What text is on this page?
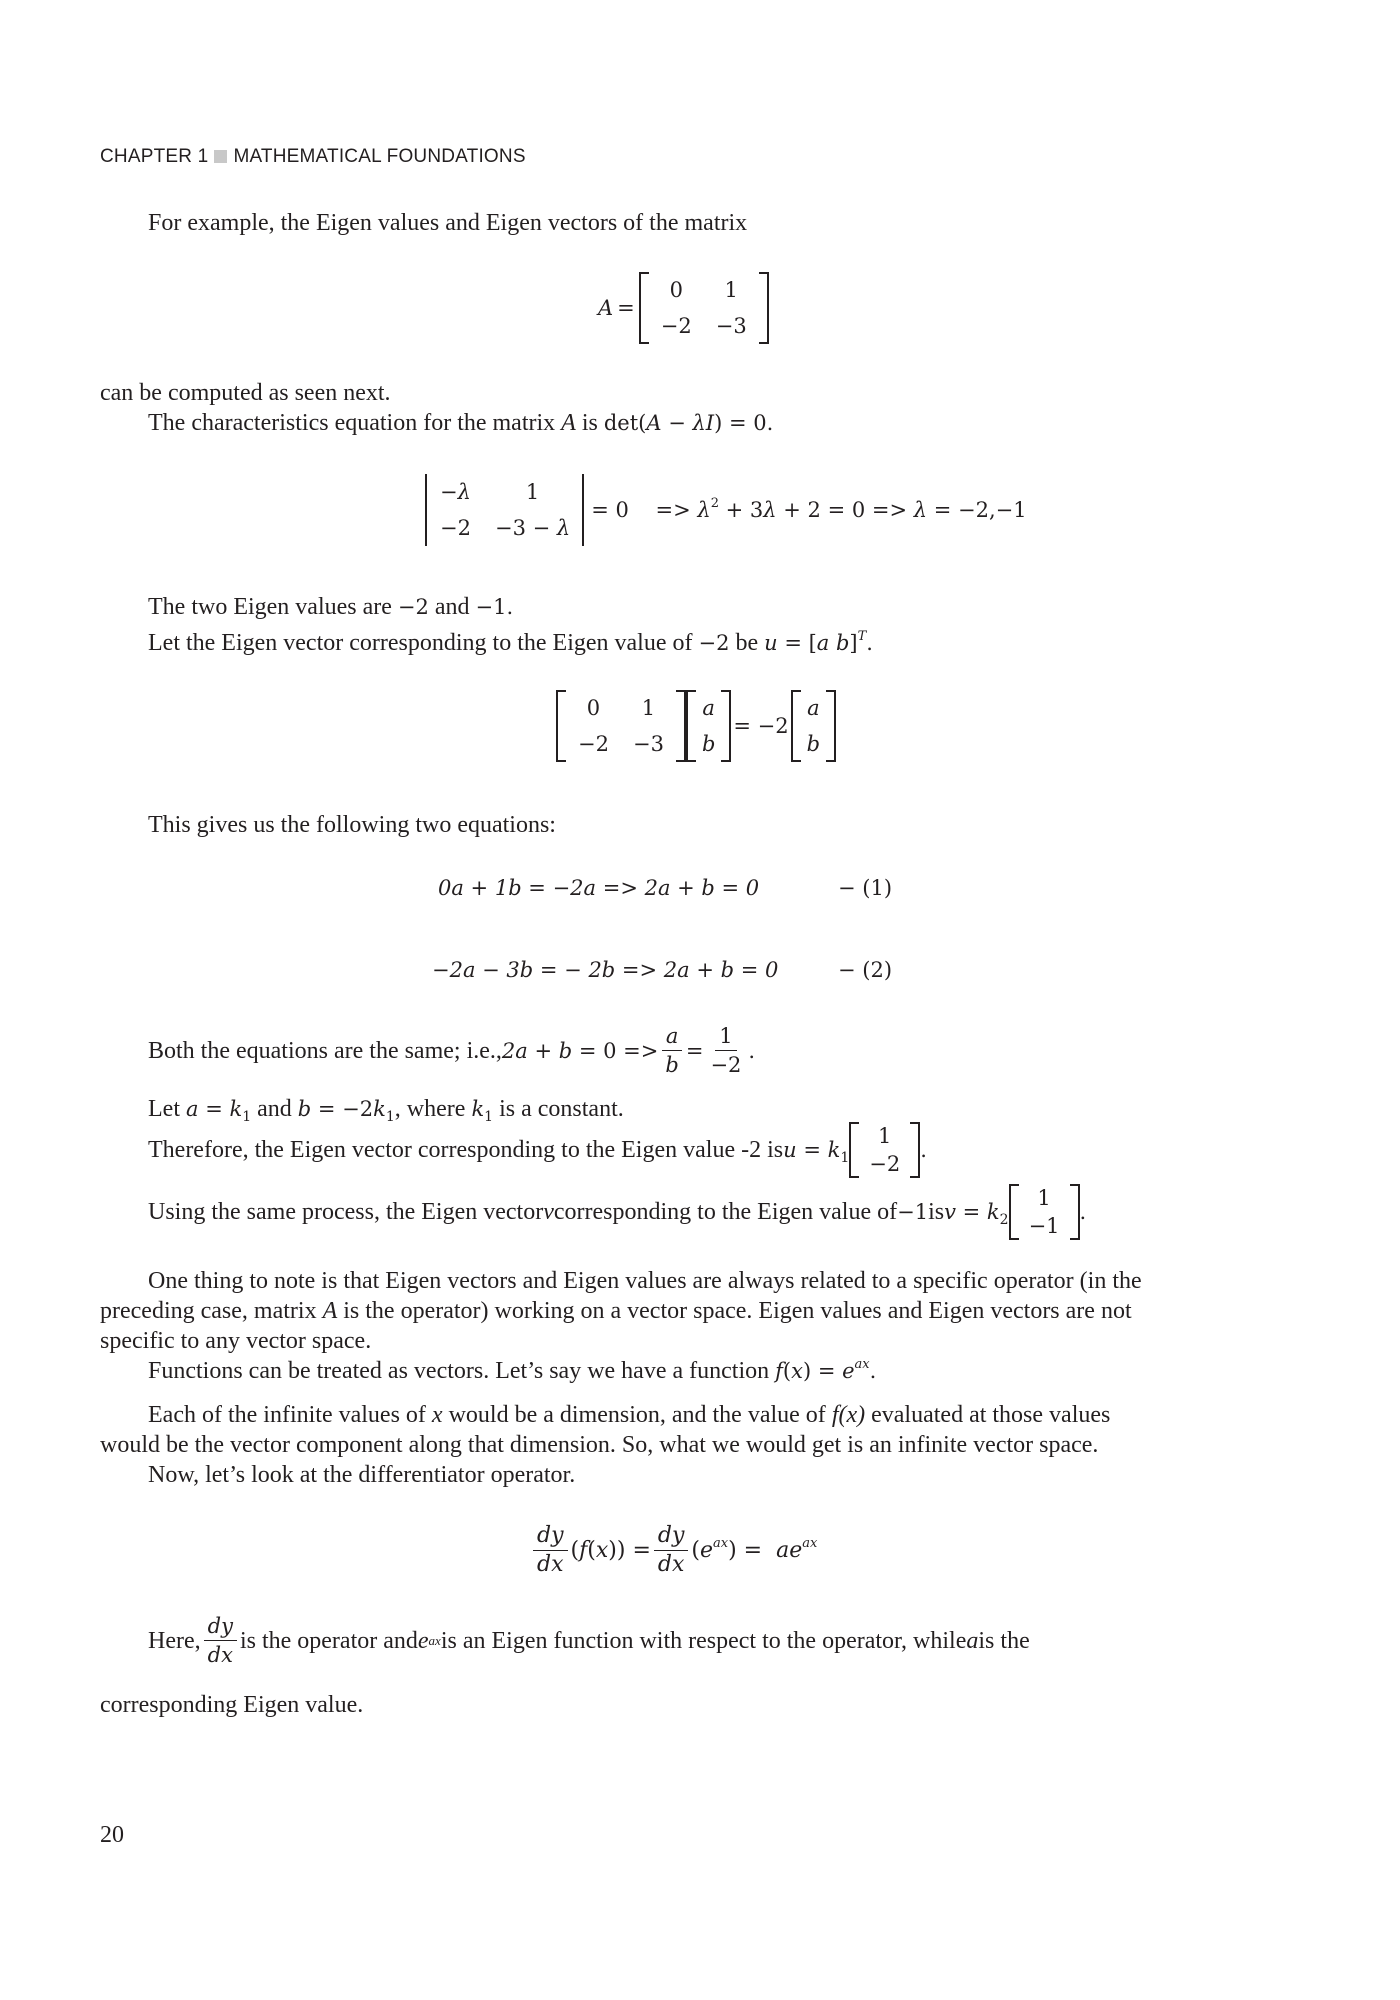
CHAPTER 1 MATHEMATICAL FOUNDATIONS
For example, the Eigen values and Eigen vectors of the matrix
A =
0	1
−2	−3
can be computed as seen next.
The characteristics equation for the matrix A is det(A − λI) = 0.
−λ	1
−2	−3 − λ
= 0    => $\lambda^2 + 3\lambda + 2 = 0 => \lambda = -2,-1$
The two Eigen values are −2 and −1.
Let the Eigen vector corresponding to the Eigen value of −2 be u = [a b]$^T$.
0	1
−2	−3
a
b
= −2
a
b
This gives us the following two equations:
0a + 1b = −2a => 2a + b = 0	− (1)
−2a − 3b = − 2b => 2a + b = 0	− (2)
Both the equations are the same; i.e., $2a + b = 0 => \frac{a}{b} = \frac{1}{-2}$ .
Let $a = k_1$ and $b = -2k_1$, where $k_1$ is a constant.
Therefore, the Eigen vector corresponding to the Eigen value -2 is $u = k_1$
1
−2
.
Using the same process, the Eigen vector v corresponding to the Eigen value of −1 is $v = k_2$
1
−1
.
One thing to note is that Eigen vectors and Eigen values are always related to a specific operator (in the
preceding case, matrix A is the operator) working on a vector space. Eigen values and Eigen vectors are not
specific to any vector space.
Functions can be treated as vectors. Let’s say we have a function $f(x) = e^{ax}$.
Each of the infinite values of x would be a dimension, and the value of f(x) evaluated at those values
would be the vector component along that dimension. So, what we would get is an infinite vector space.
Now, let’s look at the differentiator operator.
$\frac{dy}{dx} (f(x)) = \frac{dy}{dx} (e^{ax}) = ae^{ax}$
Here, $\frac{dy}{dx}$ is the operator and e ax is an Eigen function with respect to the operator, while a is the
corresponding Eigen value.
20
